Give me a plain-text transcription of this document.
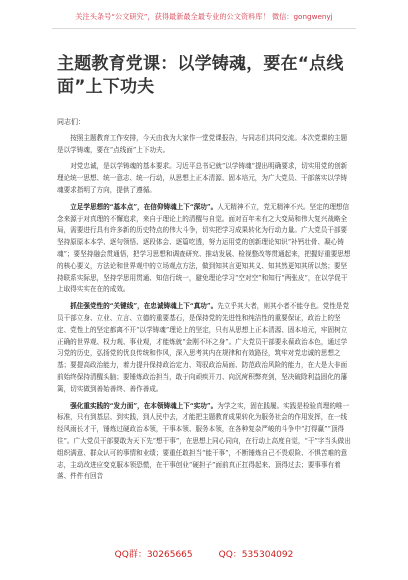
关注头条号“公文研究”，获得最新最全最专业的公文资料库！ 微信：gongwenyj
主题教育党课：以学铸魂，要在“点线面”上下功夫
同志们：

按照主题教育工作安排，今天由我为大家作一堂党课报告，与同志们共同交流。本次党课的主题是以学铸魂，要在“点线面”上下功夫。

对党忠诚，是以学铸魂的基本要求。习近平总书记就“以学铸魂”提出明确要求，切实用党的创新理论统一思想、统一意志、统一行动，从思想上正本清源、固本培元，为广大党员、干部落实以学铸魂要求指明了方向，提供了遵循。

立足学思想的“基本点”，在信仰铸魂上下“深功”。人无精神不立，党无精神不兴。坚定的理想信念来源于对真理的不懈追求，来自于理论上的清醒与自觉。面对百年未有之大变局和伟大复兴战略全局，需要进行具有许多新的历史特点的伟大斗争，切实把学习成果转化为行动力量。广大党员干部要坚持原原本本学、逐句领悟、逐段体会、逐篇吃透，努力运用党的创新理论知识“补钙壮骨、凝心铸魂”；要坚持融会贯通悟，把学习思想和调查研究、推动发展、检视整改等贯通起来，把握好重要思想的核心要义，方法论和世界观中的立场观点方法，做到知其言更知其义、知其然更知其所以然；要坚持联系实际思，坚持学思用贯通、知信行统一，避免理论学习“空对空”和知行“两张皮”，在以学促干上取得实实在在的成效。

抓住强党性的“关键线”，在忠诚铸魂上下“真功”。先立乎其大者，则其小者不能夺也。党性是党员干部立身、立业、立言、立德的重要基石，是保持党的先进性和纯洁性的重要保证，政治上的坚定、党性上的坚定都离不开“以学铸魂”理论上的坚定，只有从思想上正本清源、固本培元，牢固树立正确的世界观、权力观、事业观，才能炼就“金刚不坏之身”。广大党员干部要永葆政治本色，通过学习党的历史，弘扬党的优良传统和作风，深入思考其内在规律和有效路径，筑牢对党忠诚的思想之基；要提高政治能力，着力提升保持政治定力、驾驭政治局面、防范政治风险的能力，在大是大非面前始终保持清醒头脑；要锤炼政治担当，敢于向顽疾开刀、向沉疴积弊亮剑，坚决破除利益固化的藩篱，切实做到善始善终、善作善成。

强化重实践的“发力面”，在本领铸魂上下“实功”。为学之实，固在践履。实践是检验真理的唯一标准，只有到基层、到实践，到人民中去，才能把主题教育成果转化为服务社会的作用发挥，在一线经风雨长才干，锤炼过硬政治本领，干事本领、服务本领，在各种复杂严峻的斗争中“打得赢”“顶得住”。广大党员干部要敢为天下先“想干事”，在思想上同心同向，在行动上高度自觉，“干”字当头做出组织满意、群众认可的事情和业绩；要重任敢担当“能干事”，不断锤炼自己不畏艰险、不惧苦难的意志，主动改进应变克服本领恐慌，在干事创业“硬担子”面前真正扛得起来、顶得过去；要事事有着落、件件有回音

QQ群：30265665	QQ：535304092
